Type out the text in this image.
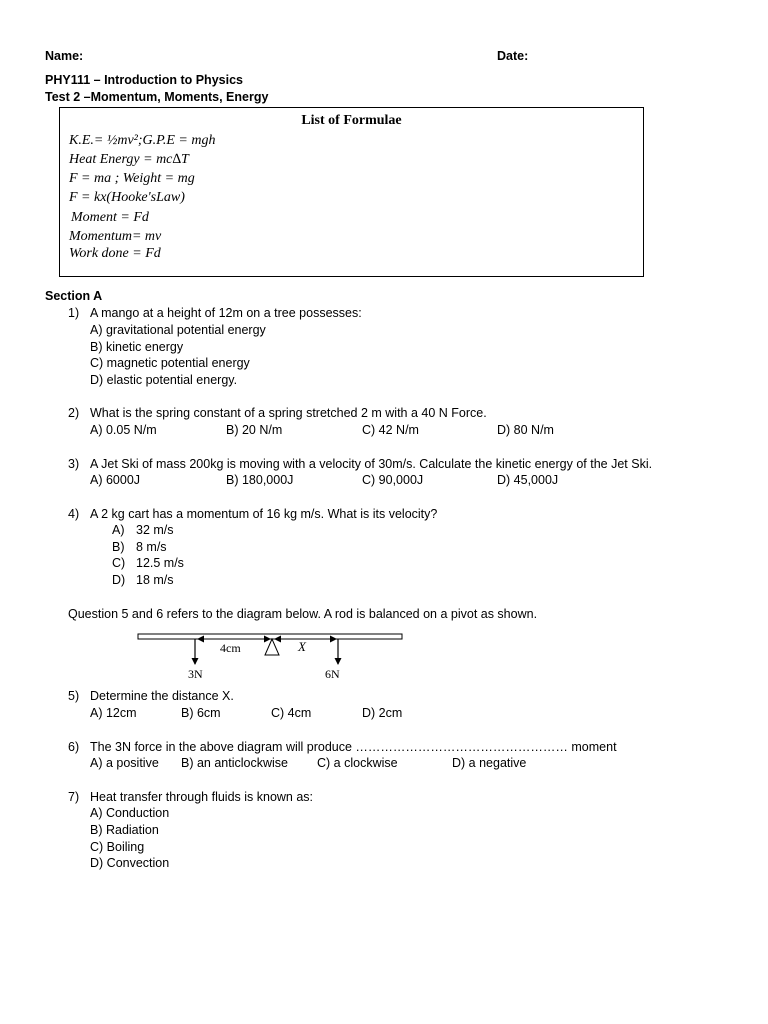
Name:	Date:
PHY111 – Introduction to Physics
Test 2 –Momentum, Moments, Energy
List of Formulae
K.E.= ½mv²;G.P.E = mgh
Heat Energy = mc∆T
F = ma ; Weight = mg
F = kx(Hooke'sLaw)
Moment = Fd
Momentum= mv
Work done = Fd
Section A
1) A mango at a height of 12m on a tree possesses:
A) gravitational potential energy
B) kinetic energy
C) magnetic potential energy
D) elastic potential energy.
2) What is the spring constant of a spring stretched 2 m with a 40 N Force.
A) 0.05 N/m	B) 20 N/m	C) 42 N/m	D) 80 N/m
3) A Jet Ski of mass 200kg is moving with a velocity of 30m/s. Calculate the kinetic energy of the Jet Ski.
A) 6000J	B) 180,000J	C) 90,000J	D) 45,000J
4) A 2 kg cart has a momentum of 16 kg m/s. What is its velocity?
A) 32 m/s
B) 8 m/s
C) 12.5 m/s
D) 18 m/s
Question 5 and 6 refers to the diagram below. A rod is balanced on a pivot as shown.
4cm	X
3N	6N
5) Determine the distance X.
A) 12cm	B) 6cm	C) 4cm	D) 2cm
6) The 3N force in the above diagram will produce …………………………………………… moment
A) a positive B) an anticlockwise C) a clockwise	D) a negative
7) Heat transfer through fluids is known as:
A) Conduction
B) Radiation
C) Boiling
D) Convection
